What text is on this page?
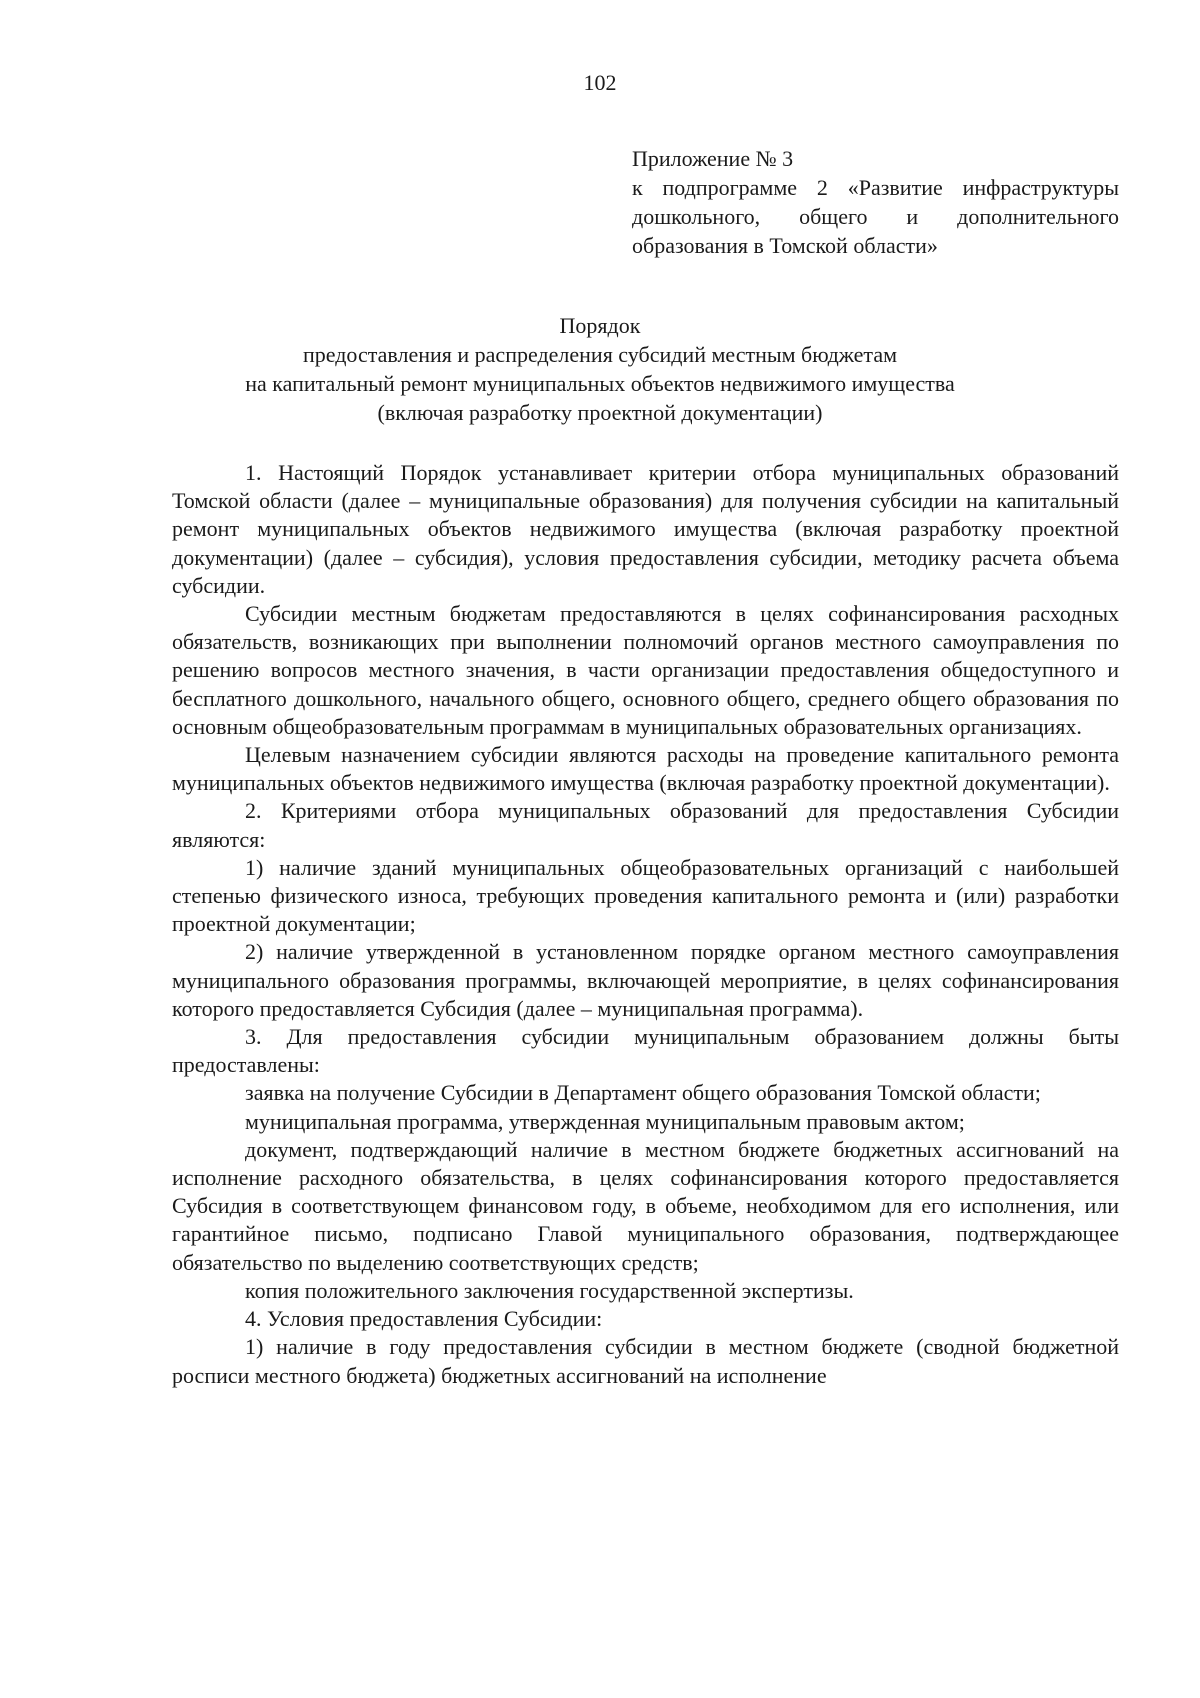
102
Приложение № 3
к подпрограмме 2 «Развитие инфраструктуры
дошкольного, общего и дополнительного
образования в Томской области»
Порядок
предоставления и распределения субсидий местным бюджетам
на капитальный ремонт муниципальных объектов недвижимого имущества
(включая разработку проектной документации)

1. Настоящий Порядок устанавливает критерии отбора муниципальных образований Томской области (далее – муниципальные образования) для получения субсидии на капитальный ремонт муниципальных объектов недвижимого имущества (включая разработку проектной документации) (далее – субсидия), условия предоставления субсидии, методику расчета объема субсидии.

Субсидии местным бюджетам предоставляются в целях софинансирования расходных обязательств, возникающих при выполнении полномочий органов местного самоуправления по решению вопросов местного значения, в части организации предоставления общедоступного и бесплатного дошкольного, начального общего, основного общего, среднего общего образования по основным общеобразовательным программам в муниципальных образовательных организациях.

Целевым назначением субсидии являются расходы на проведение капитального ремонта муниципальных объектов недвижимого имущества (включая разработку проектной документации).

2. Критериями отбора муниципальных образований для предоставления Субсидии являются:

1) наличие зданий муниципальных общеобразовательных организаций с наибольшей степенью физического износа, требующих проведения капитального ремонта и (или) разработки проектной документации;

2) наличие утвержденной в установленном порядке органом местного самоуправления муниципального образования программы, включающей мероприятие, в целях софинансирования которого предоставляется Субсидия (далее – муниципальная программа).

3. Для предоставления субсидии муниципальным образованием должны быты предоставлены:

заявка на получение Субсидии в Департамент общего образования Томской области;

муниципальная программа, утвержденная муниципальным правовым актом;

документ, подтверждающий наличие в местном бюджете бюджетных ассигнований на исполнение расходного обязательства, в целях софинансирования которого предоставляется Субсидия в соответствующем финансовом году, в объеме, необходимом для его исполнения, или гарантийное письмо, подписано Главой муниципального образования, подтверждающее обязательство по выделению соответствующих средств;

копия положительного заключения государственной экспертизы.

4. Условия предоставления Субсидии:

1) наличие в году предоставления субсидии в местном бюджете (сводной бюджетной росписи местного бюджета) бюджетных ассигнований на исполнение
